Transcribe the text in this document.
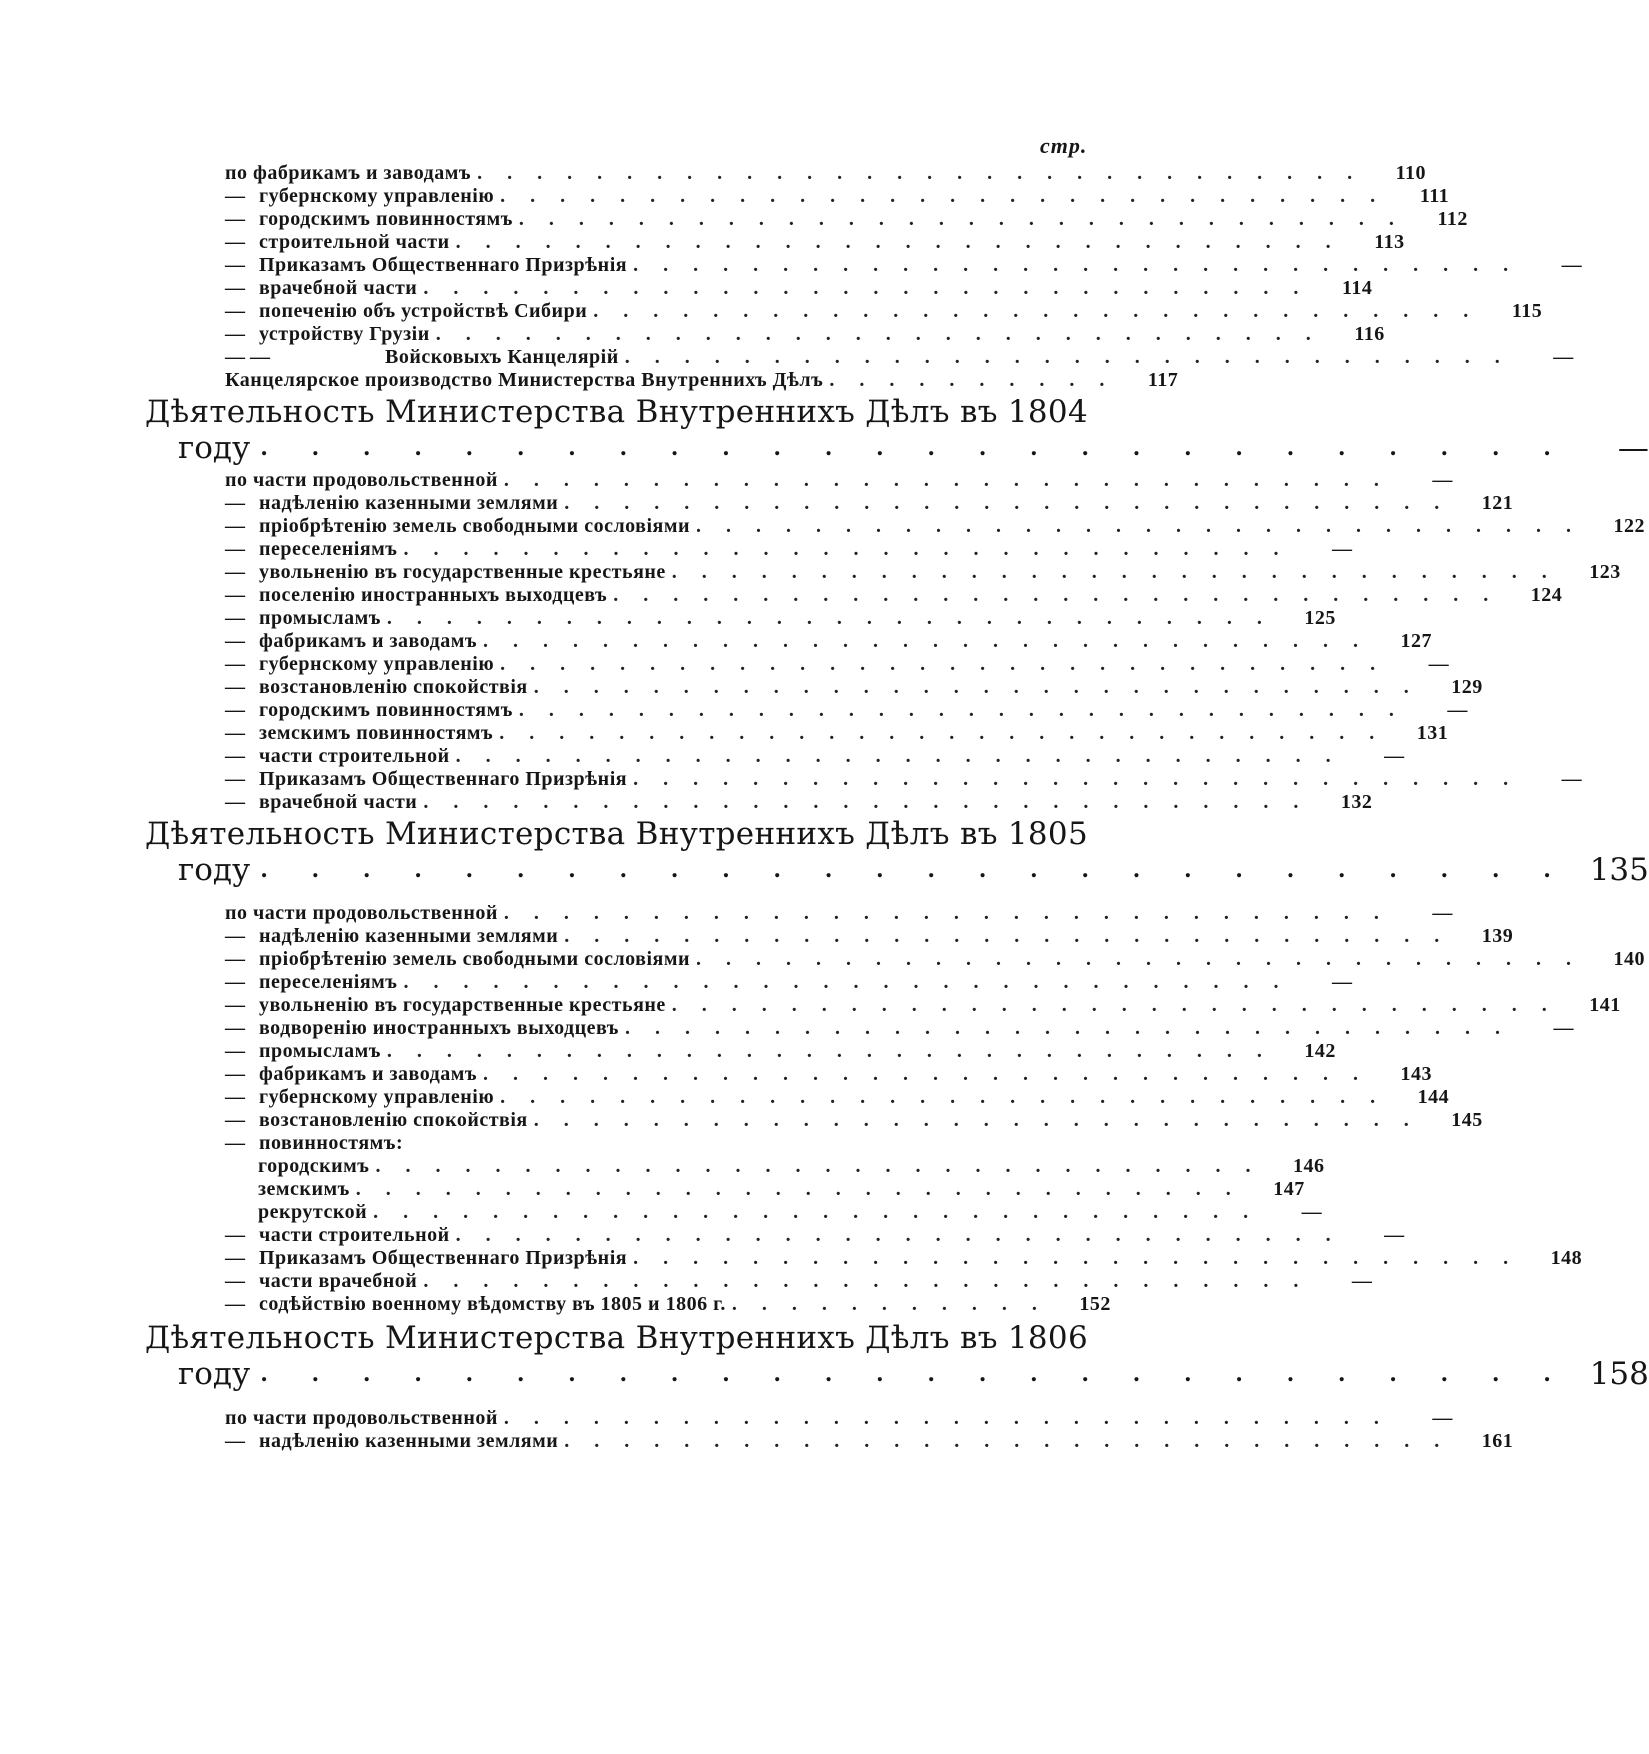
стр.
по фабрикамъ и заводамъ . . . . . . . . . . . . . . . . . . . . . . . . . . . . . .	110
— губернскому управленію . . . . . . . . . . . . . . . . . . . . . . . . . . . . . .	111
— городскимъ повинностямъ . . . . . . . . . . . . . . . . . . . . . . . . . . . . . .	112
— строительной части . . . . . . . . . . . . . . . . . . . . . . . . . . . . . .	113
— Приказамъ Общественнаго Призрѣнія . . . . . . . . . . . . . . . . . . . . . . . . . . . . . .	—
— врачебной части . . . . . . . . . . . . . . . . . . . . . . . . . . . . . .	114
— попеченію объ устройствѣ Сибири . . . . . . . . . . . . . . . . . . . . . . . . . . . . . .	115
— устройству Грузіи . . . . . . . . . . . . . . . . . . . . . . . . . . . . . .	116
— —	Войсковыхъ Канцелярій . . . . . . . . . . . . . . . . . . . . . . . . . . . . . .	—
Канцелярское производство Министерства Внутреннихъ Дѣлъ . . . . . . . . . .	117
Дѣятельность Министерства Внутреннихъ Дѣлъ въ 1804
году . . . . . . . . . . . . . . . . . . . . . . . . . .	—
по части продовольственной . . . . . . . . . . . . . . . . . . . . . . . . . . . . . .	—
— надѣленію казенными землями . . . . . . . . . . . . . . . . . . . . . . . . . . . . . .	121
— пріобрѣтенію земель свободными сословіями . . . . . . . . . . . . . . . . . . . . . . . . . . . . . .	122
— переселеніямъ . . . . . . . . . . . . . . . . . . . . . . . . . . . . . .	—
— увольненію въ государственные крестьяне . . . . . . . . . . . . . . . . . . . . . . . . . . . . . .	123
— поселенію иностранныхъ выходцевъ . . . . . . . . . . . . . . . . . . . . . . . . . . . . . .	124
— промысламъ . . . . . . . . . . . . . . . . . . . . . . . . . . . . . .	125
— фабрикамъ и заводамъ . . . . . . . . . . . . . . . . . . . . . . . . . . . . . .	127
— губернскому управленію . . . . . . . . . . . . . . . . . . . . . . . . . . . . . .	—
— возстановленію спокойствія . . . . . . . . . . . . . . . . . . . . . . . . . . . . . .	129
— городскимъ повинностямъ . . . . . . . . . . . . . . . . . . . . . . . . . . . . . .	—
— земскимъ повинностямъ . . . . . . . . . . . . . . . . . . . . . . . . . . . . . .	131
— части строительной . . . . . . . . . . . . . . . . . . . . . . . . . . . . . .	—
— Приказамъ Общественнаго Призрѣнія . . . . . . . . . . . . . . . . . . . . . . . . . . . . . .	—
— врачебной части . . . . . . . . . . . . . . . . . . . . . . . . . . . . . .	132
Дѣятельность Министерства Внутреннихъ Дѣлъ въ 1805
году . . . . . . . . . . . . . . . . . . . . . . . . . . 135
по части продовольственной . . . . . . . . . . . . . . . . . . . . . . . . . . . . . .	—
— надѣленію казенными землями . . . . . . . . . . . . . . . . . . . . . . . . . . . . . .	139
— пріобрѣтенію земель свободными сословіями . . . . . . . . . . . . . . . . . . . . . . . . . . . . . .	140
— переселеніямъ . . . . . . . . . . . . . . . . . . . . . . . . . . . . . .	—
— увольненію въ государственные крестьяне . . . . . . . . . . . . . . . . . . . . . . . . . . . . . .	141
— водворенію иностранныхъ выходцевъ . . . . . . . . . . . . . . . . . . . . . . . . . . . . . .	—
— промысламъ . . . . . . . . . . . . . . . . . . . . . . . . . . . . . .	142
— фабрикамъ и заводамъ . . . . . . . . . . . . . . . . . . . . . . . . . . . . . .	143
— губернскому управленію . . . . . . . . . . . . . . . . . . . . . . . . . . . . . .	144
— возстановленію спокойствія . . . . . . . . . . . . . . . . . . . . . . . . . . . . . .	145
— повинностямъ:
городскимъ . . . . . . . . . . . . . . . . . . . . . . . . . . . . . .	146
земскимъ . . . . . . . . . . . . . . . . . . . . . . . . . . . . . .	147
рекрутской . . . . . . . . . . . . . . . . . . . . . . . . . . . . . .	—
— части строительной . . . . . . . . . . . . . . . . . . . . . . . . . . . . . .	—
— Приказамъ Общественнаго Призрѣнія . . . . . . . . . . . . . . . . . . . . . . . . . . . . . .	148
— части врачебной . . . . . . . . . . . . . . . . . . . . . . . . . . . . . .	—
— содѣйствію военному вѣдомству въ 1805 и 1806 г. . . . . . . . . . . .	152
Дѣятельность Министерства Внутреннихъ Дѣлъ въ 1806
году . . . . . . . . . . . . . . . . . . . . . . . . . . 158
по части продовольственной . . . . . . . . . . . . . . . . . . . . . . . . . . . . . .	—
— надѣленію казенными землями . . . . . . . . . . . . . . . . . . . . . . . . . . . . . .	161
